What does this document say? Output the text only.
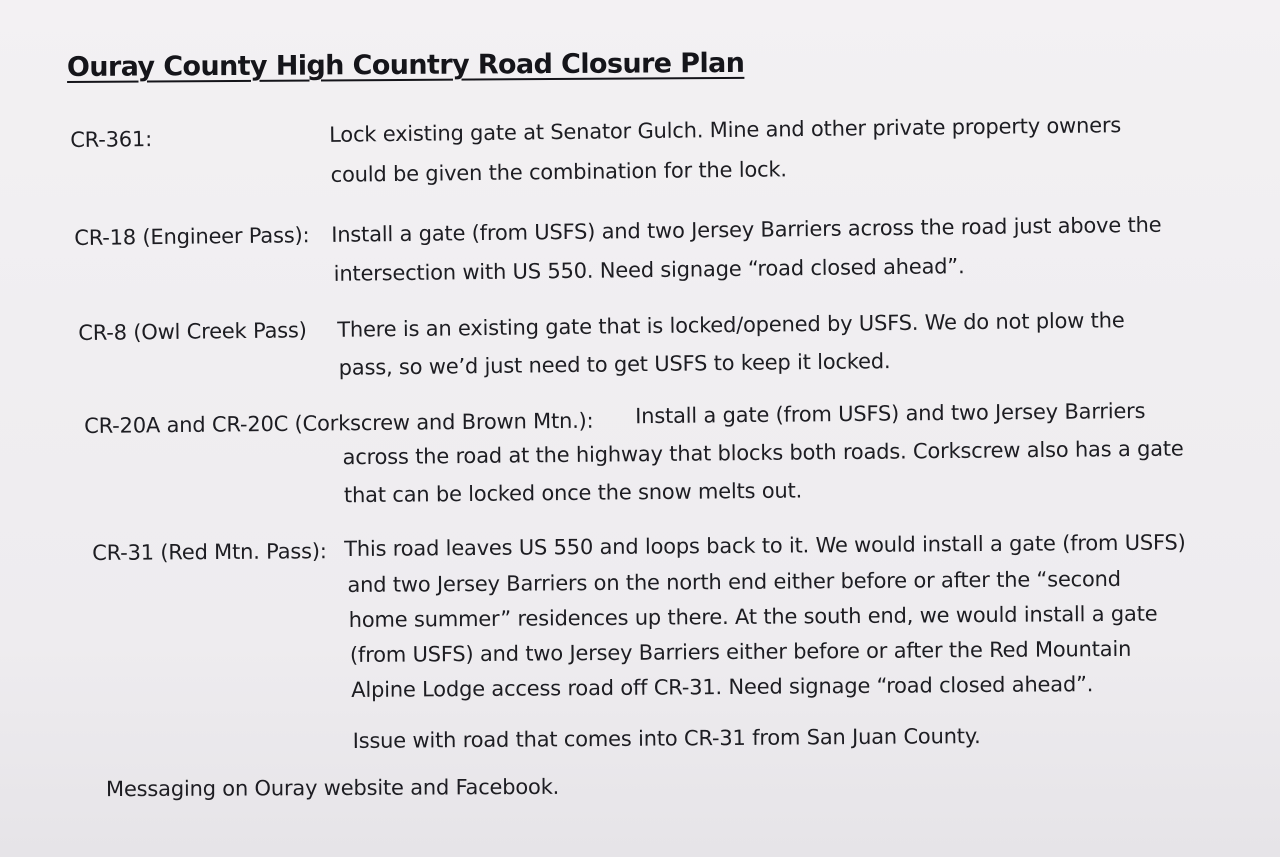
Ouray County High Country Road Closure Plan
CR-361:	Lock existing gate at Senator Gulch. Mine and other private property owners
could be given the combination for the lock.
CR-18 (Engineer Pass): Install a gate (from USFS) and two Jersey Barriers across the road just above the
intersection with US 550. Need signage “road closed ahead”.
CR-8 (Owl Creek Pass) There is an existing gate that is locked/opened by USFS. We do not plow the
pass, so we’d just need to get USFS to keep it locked.
CR-20A and CR-20C (Corkscrew and Brown Mtn.): Install a gate (from USFS) and two Jersey Barriers
across the road at the highway that blocks both roads. Corkscrew also has a gate
that can be locked once the snow melts out.
CR-31 (Red Mtn. Pass): This road leaves US 550 and loops back to it. We would install a gate (from USFS)
and two Jersey Barriers on the north end either before or after the “second
home summer” residences up there. At the south end, we would install a gate
(from USFS) and two Jersey Barriers either before or after the Red Mountain
Alpine Lodge access road off CR-31. Need signage “road closed ahead”.
Issue with road that comes into CR-31 from San Juan County.
Messaging on Ouray website and Facebook.
